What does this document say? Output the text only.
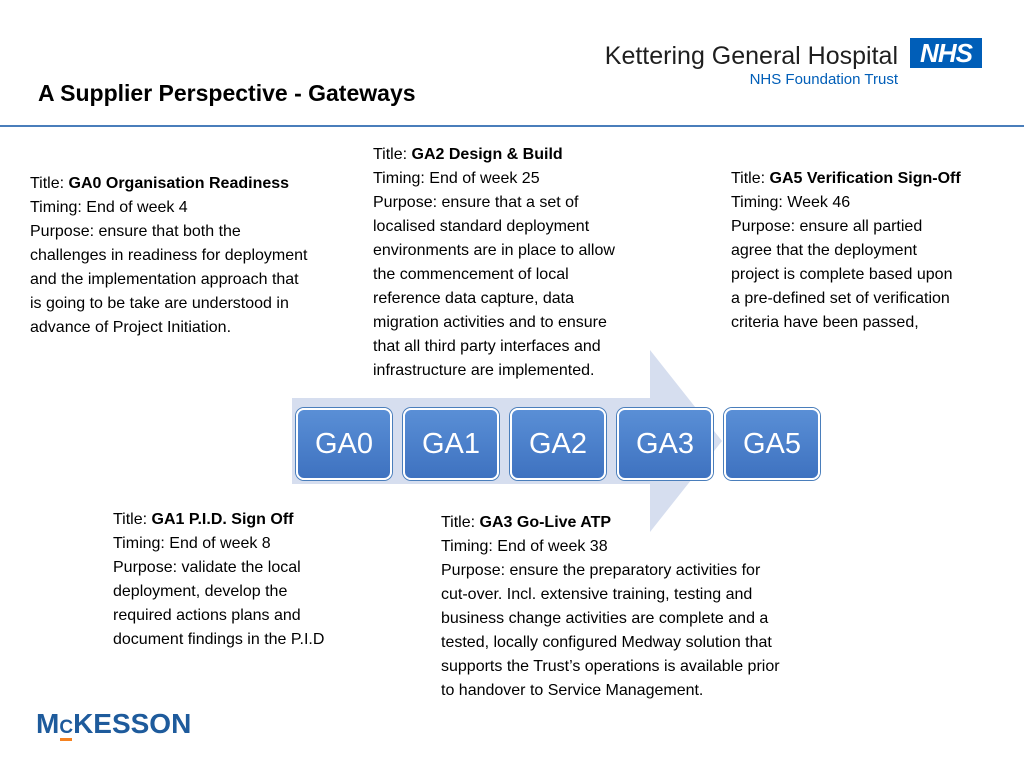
A Supplier Perspective - Gateways
Kettering General Hospital
NHS Foundation Trust
NHS
Title: GA0 Organisation Readiness
Timing: End of week 4
Purpose: ensure that both the
challenges in readiness for deployment
and the implementation approach that
is going to be take are understood in
advance of Project Initiation.
Title: GA2 Design & Build
Timing: End of week 25
Purpose: ensure that a set of
localised standard deployment
environments are in place to allow
the commencement of local
reference data capture, data
migration activities and to ensure
that all third party interfaces and
infrastructure are implemented.
Title: GA5 Verification Sign-Off
Timing: Week 46
Purpose: ensure all partied
agree that the deployment
project is complete based upon
a pre-defined set of verification
criteria have been passed,
Title: GA1 P.I.D. Sign Off
Timing: End of week 8
Purpose: validate the local
deployment, develop the
required actions plans and
document findings in the P.I.D
Title: GA3 Go-Live ATP
Timing: End of week 38
Purpose: ensure the preparatory activities for
cut-over. Incl. extensive training, testing and
business change activities are complete and a
tested, locally configured Medway solution that
supports the Trust’s operations is available prior
to handover to Service Management.
GA0	GA1	GA2	GA3	GA5
MCKESSON
